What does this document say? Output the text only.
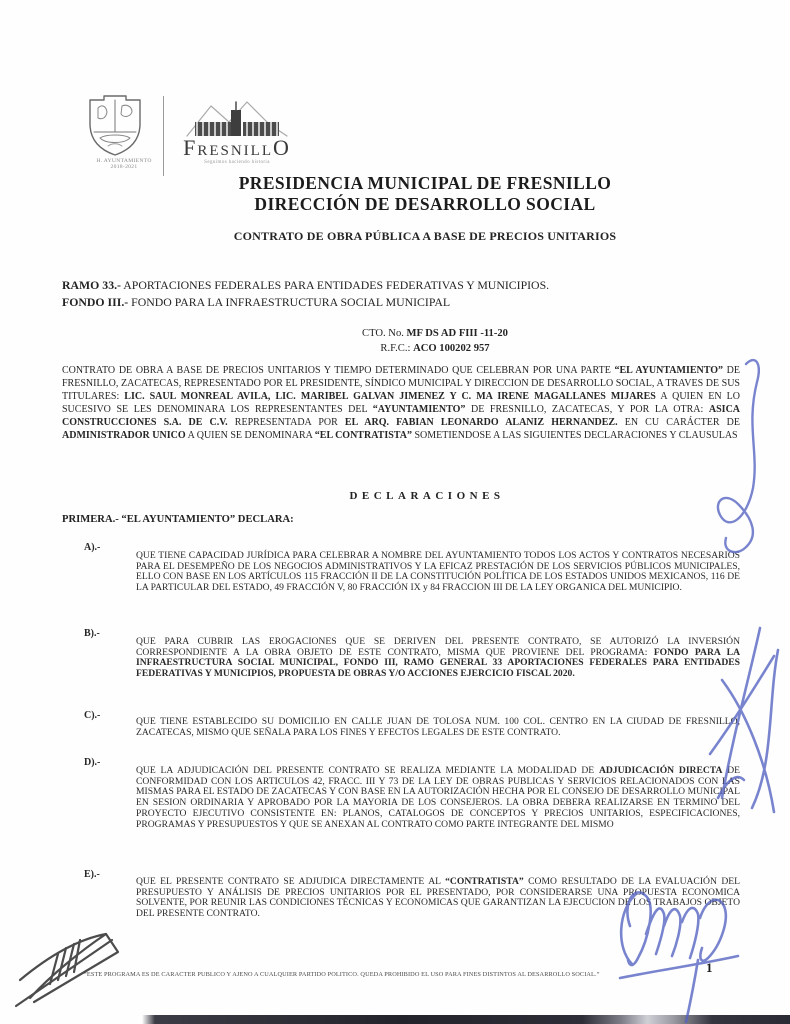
H. AYUNTAMIENTO
2018-2021
FRESNILLO
Seguimos haciendo historia
PRESIDENCIA MUNICIPAL DE FRESNILLO
DIRECCIÓN DE DESARROLLO SOCIAL
CONTRATO DE OBRA PÚBLICA A BASE DE PRECIOS UNITARIOS
RAMO 33.- APORTACIONES FEDERALES PARA ENTIDADES FEDERATIVAS Y MUNICIPIOS.
FONDO III.- FONDO PARA LA INFRAESTRUCTURA SOCIAL MUNICIPAL
CTO. No. MF DS AD FIII -11-20
R.F.C.: ACO 100202 957
CONTRATO DE OBRA A BASE DE PRECIOS UNITARIOS Y TIEMPO DETERMINADO QUE CELEBRAN POR UNA PARTE “EL AYUNTAMIENTO” DE FRESNILLO, ZACATECAS, REPRESENTADO POR EL PRESIDENTE, SÍNDICO MUNICIPAL Y DIRECCION DE DESARROLLO SOCIAL, A TRAVES DE SUS TITULARES: LIC. SAUL MONREAL AVILA, LIC. MARIBEL GALVAN JIMENEZ Y C. MA IRENE MAGALLANES MIJARES A QUIEN EN LO SUCESIVO SE LES DENOMINARA LOS REPRESENTANTES DEL “AYUNTAMIENTO” DE FRESNILLO, ZACATECAS, Y POR LA OTRA: ASICA CONSTRUCCIONES S.A. DE C.V. REPRESENTADA POR EL ARQ. FABIAN LEONARDO ALANIZ HERNANDEZ. EN CU CARÁCTER DE ADMINISTRADOR UNICO A QUIEN SE DENOMINARA “EL CONTRATISTA” SOMETIENDOSE A LAS SIGUIENTES DECLARACIONES Y CLAUSULAS
DECLARACIONES
PRIMERA.- “EL AYUNTAMIENTO” DECLARA:
A).-
QUE TIENE CAPACIDAD JURÍDICA PARA CELEBRAR A NOMBRE DEL AYUNTAMIENTO TODOS LOS ACTOS Y CONTRATOS NECESARIOS PARA EL DESEMPEÑO DE LOS NEGOCIOS ADMINISTRATIVOS Y LA EFICAZ PRESTACIÓN DE LOS SERVICIOS PÚBLICOS MUNICIPALES, ELLO CON BASE EN LOS ARTÍCULOS 115 FRACCIÓN II DE LA CONSTITUCIÓN POLÍTICA DE LOS ESTADOS UNIDOS MEXICANOS, 116 DE LA PARTICULAR DEL ESTADO, 49 FRACCIÓN V, 80 FRACCIÓN IX y 84 FRACCION III DE LA LEY ORGANICA DEL MUNICIPIO.
B).-
QUE PARA CUBRIR LAS EROGACIONES QUE SE DERIVEN DEL PRESENTE CONTRATO, SE AUTORIZÓ LA INVERSIÓN CORRESPONDIENTE A LA OBRA OBJETO DE ESTE CONTRATO, MISMA QUE PROVIENE DEL PROGRAMA: FONDO PARA LA INFRAESTRUCTURA SOCIAL MUNICIPAL, FONDO III, RAMO GENERAL 33 APORTACIONES FEDERALES PARA ENTIDADES FEDERATIVAS Y MUNICIPIOS, PROPUESTA DE OBRAS Y/O ACCIONES EJERCICIO FISCAL 2020.
C).-
QUE TIENE ESTABLECIDO SU DOMICILIO EN CALLE JUAN DE TOLOSA NUM. 100 COL. CENTRO EN LA CIUDAD DE FRESNILLO, ZACATECAS, MISMO QUE SEÑALA PARA LOS FINES Y EFECTOS LEGALES DE ESTE CONTRATO.
D).-
QUE LA ADJUDICACIÓN DEL PRESENTE CONTRATO SE REALIZA MEDIANTE LA MODALIDAD DE ADJUDICACIÓN DIRECTA DE CONFORMIDAD CON LOS ARTICULOS 42, FRACC. III Y 73 DE LA LEY DE OBRAS PUBLICAS Y SERVICIOS RELACIONADOS CON LAS MISMAS PARA EL ESTADO DE ZACATECAS Y CON BASE EN LA AUTORIZACIÓN HECHA POR EL CONSEJO DE DESARROLLO MUNICIPAL EN SESION ORDINARIA Y APROBADO POR LA MAYORIA DE LOS CONSEJEROS. LA OBRA DEBERA REALIZARSE EN TERMINO DEL PROYECTO EJECUTIVO CONSISTENTE EN: PLANOS, CATALOGOS DE CONCEPTOS Y PRECIOS UNITARIOS, ESPECIFICACIONES, PROGRAMAS Y PRESUPUESTOS Y QUE SE ANEXAN AL CONTRATO COMO PARTE INTEGRANTE DEL MISMO
E).-
QUE EL PRESENTE CONTRATO SE ADJUDICA DIRECTAMENTE AL “CONTRATISTA” COMO RESULTADO DE LA EVALUACIÓN DEL PRESUPUESTO Y ANÁLISIS DE PRECIOS UNITARIOS POR EL PRESENTADO, POR CONSIDERARSE UNA PROPUESTA ECONOMICA SOLVENTE, POR REUNIR LAS CONDICIONES TÉCNICAS Y ECONOMICAS QUE GARANTIZAN LA EJECUCION DE LOS TRABAJOS OBJETO DEL PRESENTE CONTRATO.
“ESTE PROGRAMA ES DE CARACTER PUBLICO Y AJENO A CUALQUIER PARTIDO POLITICO. QUEDA PROHIBIDO EL USO PARA FINES DISTINTOS AL DESARROLLO SOCIAL.”	1
